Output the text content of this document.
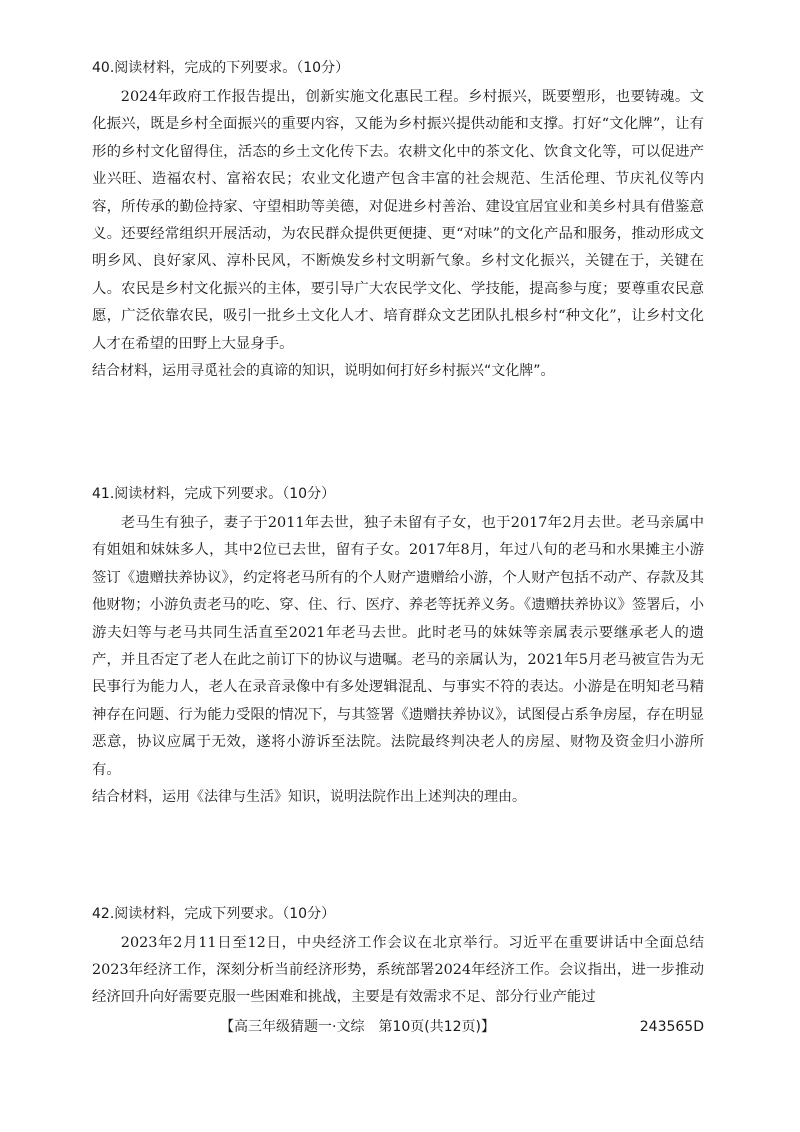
40.阅读材料，完成的下列要求。（10分）

2024年政府工作报告提出，创新实施文化惠民工程。乡村振兴，既要塑形，也要铸魂。文化振兴，既是乡村全面振兴的重要内容，又能为乡村振兴提供动能和支撑。打好“文化牌”，让有形的乡村文化留得住，活态的乡土文化传下去。农耕文化中的茶文化、饮食文化等，可以促进产业兴旺、造福农村、富裕农民；农业文化遗产包含丰富的社会规范、生活伦理、节庆礼仪等内容，所传承的勤俭持家、守望相助等美德，对促进乡村善治、建设宜居宜业和美乡村具有借鉴意义。还要经常组织开展活动，为农民群众提供更便捷、更“对味”的文化产品和服务，推动形成文明乡风、良好家风、淳朴民风，不断焕发乡村文明新气象。乡村文化振兴，关键在于，关键在人。农民是乡村文化振兴的主体，要引导广大农民学文化、学技能，提高参与度；要尊重农民意愿，广泛依靠农民，吸引一批乡土文化人才、培育群众文艺团队扎根乡村“种文化”，让乡村文化人才在希望的田野上大显身手。

结合材料，运用寻觅社会的真谛的知识，说明如何打好乡村振兴“文化牌”。

41.阅读材料，完成下列要求。（10分）

老马生有独子，妻子于2011年去世，独子未留有子女，也于2017年2月去世。老马亲属中有姐姐和妹妹多人，其中2位已去世，留有子女。2017年8月，年过八旬的老马和水果摊主小游签订《遗赠扶养协议》，约定将老马所有的个人财产遗赠给小游，个人财产包括不动产、存款及其他财物；小游负责老马的吃、穿、住、行、医疗、养老等抚养义务。《遗赠扶养协议》签署后，小游夫妇等与老马共同生活直至2021年老马去世。此时老马的妹妹等亲属表示要继承老人的遗产，并且否定了老人在此之前订下的协议与遗嘱。老马的亲属认为，2021年5月老马被宣告为无民事行为能力人，老人在录音录像中有多处逻辑混乱、与事实不符的表达。小游是在明知老马精神存在问题、行为能力受限的情况下，与其签署《遗赠扶养协议》，试图侵占系争房屋，存在明显恶意，协议应属于无效，遂将小游诉至法院。法院最终判决老人的房屋、财物及资金归小游所有。

结合材料，运用《法律与生活》知识，说明法院作出上述判决的理由。

42.阅读材料，完成下列要求。（10分）

2023年2月11日至12日，中央经济工作会议在北京举行。习近平在重要讲话中全面总结2023年经济工作，深刻分析当前经济形势，系统部署2024年经济工作。会议指出，进一步推动经济回升向好需要克服一些困难和挑战，主要是有效需求不足、部分行业产能过

【高三年级猜题一·文综　第10页(共12页)】	243565D
